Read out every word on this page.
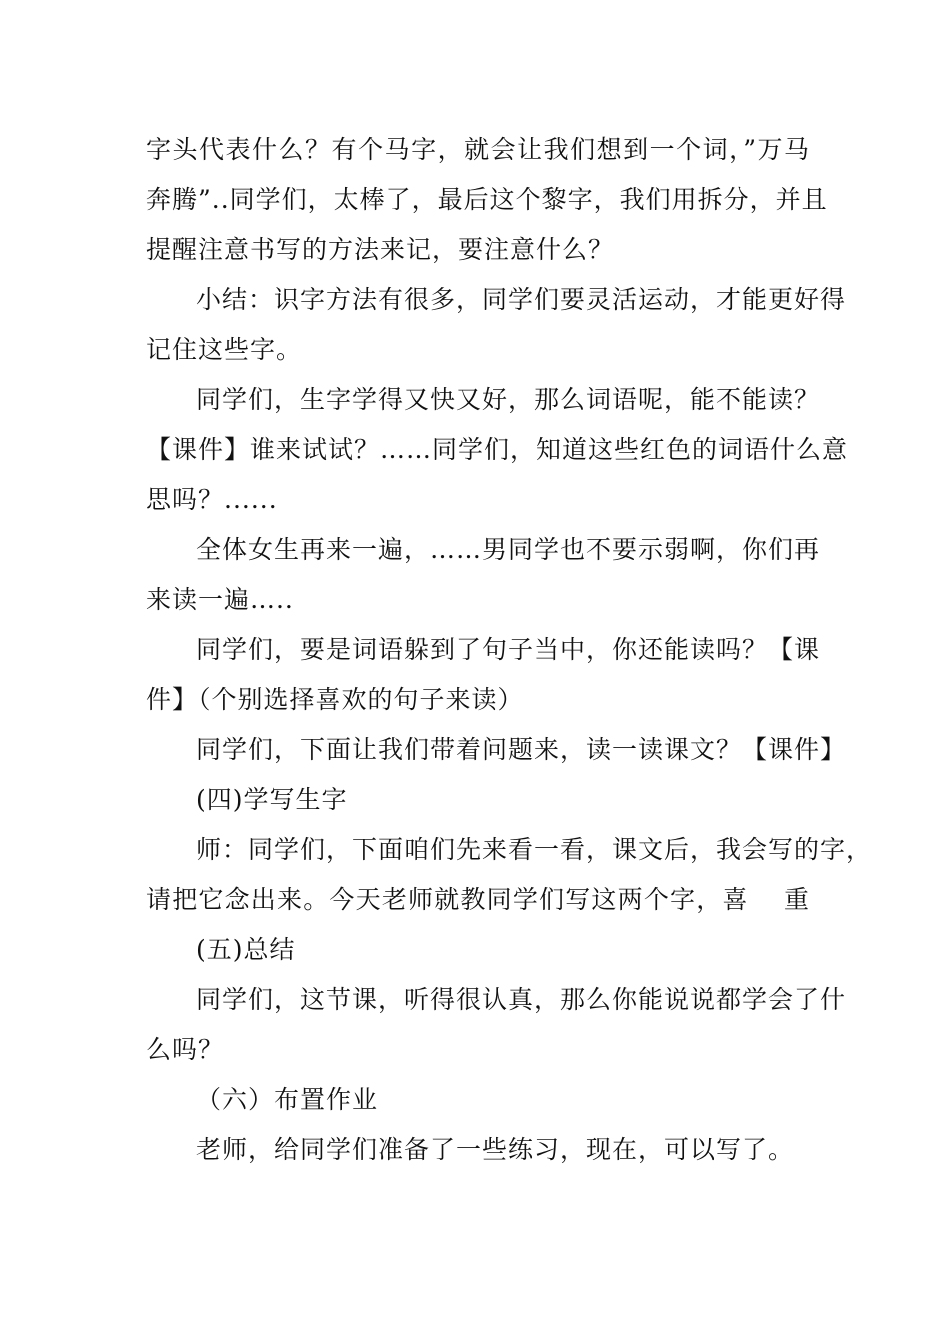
字头代表什么？有个马字，就会让我们想到一个词，”万马
奔腾”..同学们，太棒了，最后这个黎字，我们用拆分，并且
提醒注意书写的方法来记，要注意什么？
小结：识字方法有很多，同学们要灵活运动，才能更好得
记住这些字。
同学们，生字学得又快又好，那么词语呢，能不能读？
【课件】谁来试试？……同学们，知道这些红色的词语什么意
思吗？......
全体女生再来一遍，……男同学也不要示弱啊，你们再
来读一遍….．
同学们，要是词语躲到了句子当中，你还能读吗？【课
件】（个别选择喜欢的句子来读）
同学们，下面让我们带着问题来，读一读课文？【课件】
(四)学写生字
师：同学们，下面咱们先来看一看，课文后，我会写的字，
请把它念出来。今天老师就教同学们写这两个字，喜　 重
(五)总结
同学们，这节课，听得很认真，那么你能说说都学会了什
么吗？
（六）布置作业
老师，给同学们准备了一些练习，现在，可以写了。
